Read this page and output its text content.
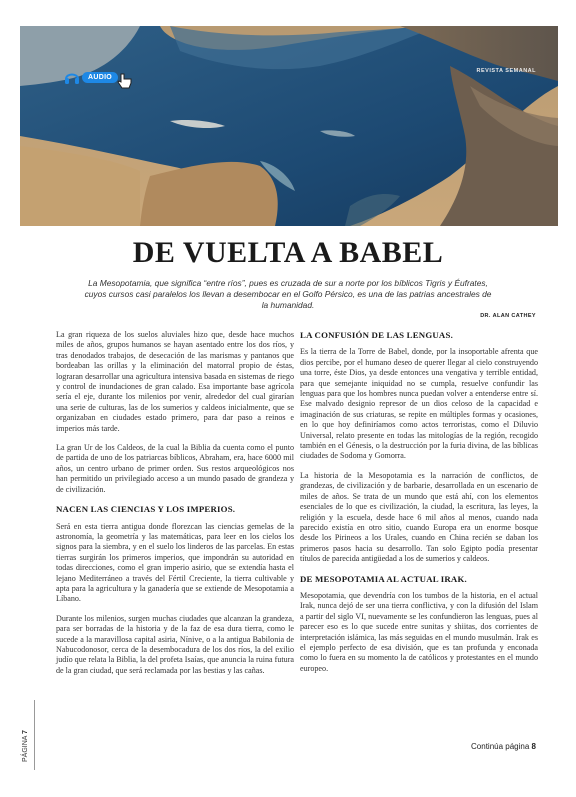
AUDIO
REVISTA SEMANAL
DE VUELTA A BABEL

La Mesopotamia, que significa “entre ríos”, pues es cruzada de sur a norte por los bíblicos Tigris y Éufrates, cuyos cursos casi paralelos los llevan a desembocar en el Golfo Pérsico, es una de las patrias ancestrales de la humanidad.

DR. ALAN CATHEY

La gran riqueza de los suelos aluviales hizo que, desde hace muchos miles de años, grupos humanos se hayan asentado entre los dos ríos, y tras denodados trabajos, de desecación de las marismas y pantanos que bordeaban las orillas y la eliminación del matorral propio de éstas, lograran desarrollar una agricultura intensiva basada en sistemas de riego y control de inundaciones de gran calado. Esa importante base agrícola sería el eje, durante los milenios por venir, alrededor del cual girarían una serie de culturas, las de los sumerios y caldeos inicialmente, que se organizaban en ciudades estado primero, para dar paso a reinos e imperios más tarde.

La gran Ur de los Caldeos, de la cual la Biblia da cuenta como el punto de partida de uno de los patriarcas bíblicos, Abraham, era, hace 6000 mil años, un centro urbano de primer orden. Sus restos arqueológicos nos han permitido un privilegiado acceso a un mundo pasado de grandeza y de civilización.

NACEN LAS CIENCIAS Y LOS IMPERIOS.

Será en esta tierra antigua donde florezcan las ciencias gemelas de la astronomía, la geometría y las matemáticas, para leer en los cielos los signos para la siembra, y en el suelo los linderos de las parcelas. En estas tierras surgirán los primeros imperios, que impondrán su autoridad en todas direcciones, como el gran imperio asirio, que se extendía hasta el lejano Mediterráneo a través del Fértil Creciente, la tierra cultivable y apta para la agricultura y la ganadería que se extiende de Mesopotamia a Líbano.

Durante los milenios, surgen muchas ciudades que alcanzan la grandeza, para ser borradas de la historia y de la faz de esa dura tierra, como le sucede a la maravillosa capital asiria, Nínive, o a la antigua Babilonia de Nabucodonosor, cerca de la desembocadura de los dos ríos, la del exilio judío que relata la Biblia, la del profeta Isaías, que anuncia la ruina futura de la gran ciudad, que será reclamada por las bestias y las cañas.

LA CONFUSIÓN DE LAS LENGUAS.

Es la tierra de la Torre de Babel, donde, por la insoportable afrenta que dios percibe, por el humano deseo de querer llegar al cielo construyendo una torre, éste Dios, ya desde entonces una vengativa y terrible entidad, para que semejante iniquidad no se cumpla, resuelve confundir las lenguas para que los hombres nunca puedan volver a entenderse entre sí. Ese malvado designio represor de un dios celoso de la capacidad e imaginación de sus criaturas, se repite en múltiples formas y ocasiones, en lo que hoy definiríamos como actos terroristas, como el Diluvio Universal, relato presente en todas las mitologías de la región, recogido también en el Génesis, o la destrucción por la furia divina, de las bíblicas ciudades de Sodoma y Gomorra.

La historia de la Mesopotamia es la narración de conflictos, de grandezas, de civilización y de barbarie, desarrollada en un escenario de miles de años. Se trata de un mundo que está ahí, con los elementos esenciales de lo que es civilización, la ciudad, la escritura, las leyes, la religión y la escuela, desde hace 6 mil años al menos, cuando nada parecido existía en otro sitio, cuando Europa era un enorme bosque desde los Pirineos a los Urales, cuando en China recién se daban los primeros pasos hacia su desarrollo. Tan solo Egipto podía presentar títulos de parecida antigüedad a los de sumerios y caldeos.

DE MESOPOTAMIA AL ACTUAL IRAK.

Mesopotamia, que devendría con los tumbos de la historia, en el actual Irak, nunca dejó de ser una tierra conflictiva, y con la difusión del Islam a partir del siglo VI, nuevamente se les confundieron las lenguas, pues al parecer eso es lo que sucede entre sunitas y shiitas, dos corrientes de interpretación islámica, las más seguidas en el mundo musulmán. Irak es el ejemplo perfecto de esa división, que es tan profunda y enconada como lo fuera en su momento la de católicos y protestantes en el mundo europeo.

PÁGINA 7
Continúa página 8
